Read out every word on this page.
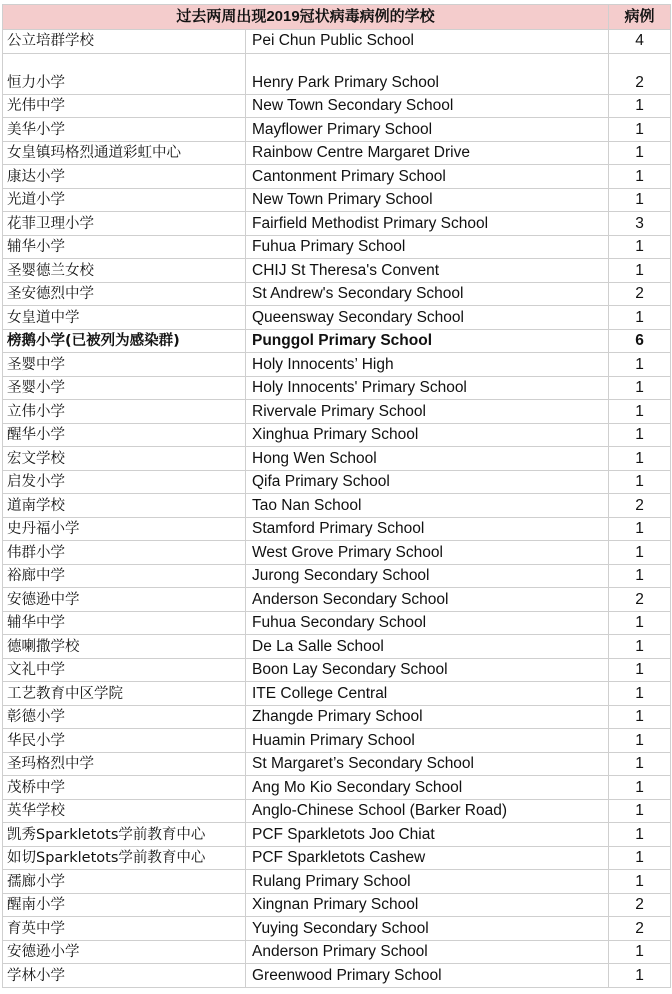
过去两周出现2019冠状病毒病例的学校		病例
公立培群学校	Pei Chun Public School	4
恒力小学	Henry Park Primary School	2
光伟中学	New Town Secondary School	1
美华小学	Mayflower Primary School	1
女皇镇玛格烈通道彩虹中心	Rainbow Centre Margaret Drive	1
康达小学	Cantonment Primary School	1
光道小学	New Town Primary School	1
花菲卫理小学	Fairfield Methodist Primary School	3
辅华小学	Fuhua Primary School	1
圣婴德兰女校	CHIJ St Theresa's Convent	1
圣安德烈中学	St Andrew's Secondary School	2
女皇道中学	Queensway Secondary School	1
榜鹅小学(已被列为感染群)	Punggol Primary School	6
圣婴中学	Holy Innocents’ High	1
圣婴小学	Holy Innocents' Primary School	1
立伟小学	Rivervale Primary School	1
醒华小学	Xinghua Primary School	1
宏文学校	Hong Wen School	1
启发小学	Qifa Primary School	1
道南学校	Tao Nan School	2
史丹福小学	Stamford Primary School	1
伟群小学	West Grove Primary School	1
裕廊中学	Jurong Secondary School	1
安德逊中学	Anderson Secondary School	2
辅华中学	Fuhua Secondary School	1
德喇撒学校	De La Salle School	1
文礼中学	Boon Lay Secondary School	1
工艺教育中区学院	ITE College Central	1
彰德小学	Zhangde Primary School	1
华民小学	Huamin Primary School	1
圣玛格烈中学	St Margaret’s Secondary School	1
茂桥中学	Ang Mo Kio Secondary School	1
英华学校	Anglo-Chinese School (Barker Road)	1
凯秀Sparkletots学前教育中心	PCF Sparkletots Joo Chiat	1
如切Sparkletots学前教育中心	PCF Sparkletots Cashew	1
孺廊小学	Rulang Primary School	1
醒南小学	Xingnan Primary School	2
育英中学	Yuying Secondary School	2
安德逊小学	Anderson Primary School	1
学林小学	Greenwood Primary School	1
